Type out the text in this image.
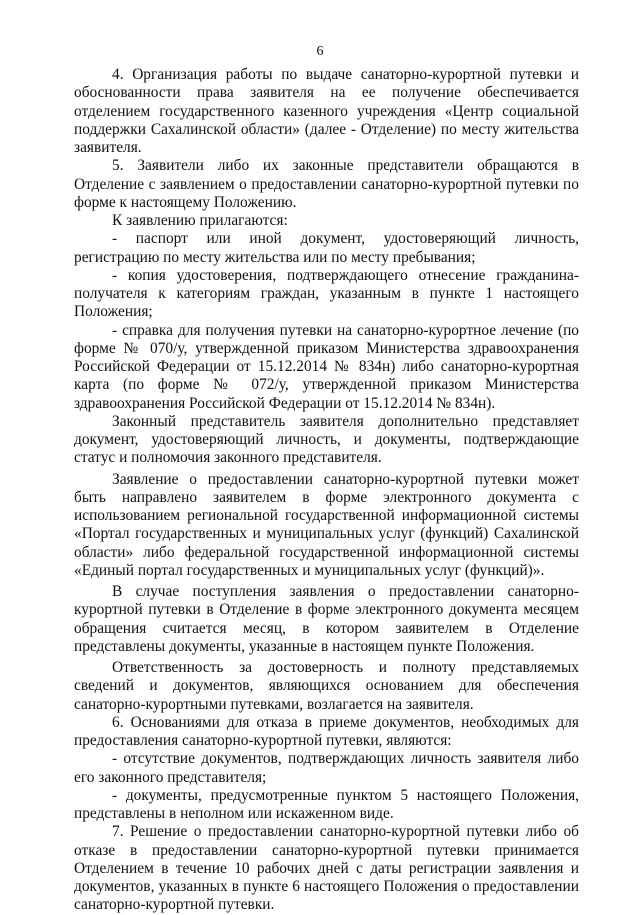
6

4. Организация работы по выдаче санаторно-курортной путевки и обоснованности права заявителя на ее получение обеспечивается отделением государственного казенного учреждения «Центр социальной поддержки Сахалинской области» (далее - Отделение) по месту жительства заявителя.

5. Заявители либо их законные представители обращаются в Отделение с заявлением о предоставлении санаторно-курортной путевки по форме к настоящему Положению.

К заявлению прилагаются:

- паспорт или иной документ, удостоверяющий личность, регистрацию по месту жительства или по месту пребывания;

- копия удостоверения, подтверждающего отнесение гражданина-получателя к категориям граждан, указанным в пункте 1 настоящего Положения;

- справка для получения путевки на санаторно-курортное лечение (по форме № 070/у, утвержденной приказом Министерства здравоохранения Российской Федерации от 15.12.2014 № 834н) либо санаторно-курортная карта (по форме № 072/у, утвержденной приказом Министерства здравоохранения Российской Федерации от 15.12.2014 № 834н).

Законный представитель заявителя дополнительно представляет документ, удостоверяющий личность, и документы, подтверждающие статус и полномочия законного представителя.

Заявление о предоставлении санаторно-курортной путевки может быть направлено заявителем в форме электронного документа с использованием региональной государственной информационной системы «Портал государственных и муниципальных услуг (функций) Сахалинской области» либо федеральной государственной информационной системы «Единый портал государственных и муниципальных услуг (функций)».

В случае поступления заявления о предоставлении санаторно-курортной путевки в Отделение в форме электронного документа месяцем обращения считается месяц, в котором заявителем в Отделение представлены документы, указанные в настоящем пункте Положения.

Ответственность за достоверность и полноту представляемых сведений и документов, являющихся основанием для обеспечения санаторно-курортными путевками, возлагается на заявителя.

6. Основаниями для отказа в приеме документов, необходимых для предоставления санаторно-курортной путевки, являются:

- отсутствие документов, подтверждающих личность заявителя либо его законного представителя;

- документы, предусмотренные пунктом 5 настоящего Положения, представлены в неполном или искаженном виде.

7. Решение о предоставлении санаторно-курортной путевки либо об отказе в предоставлении санаторно-курортной путевки принимается Отделением в течение 10 рабочих дней с даты регистрации заявления и документов, указанных в пункте 6 настоящего Положения о предоставлении санаторно-курортной путевки.
